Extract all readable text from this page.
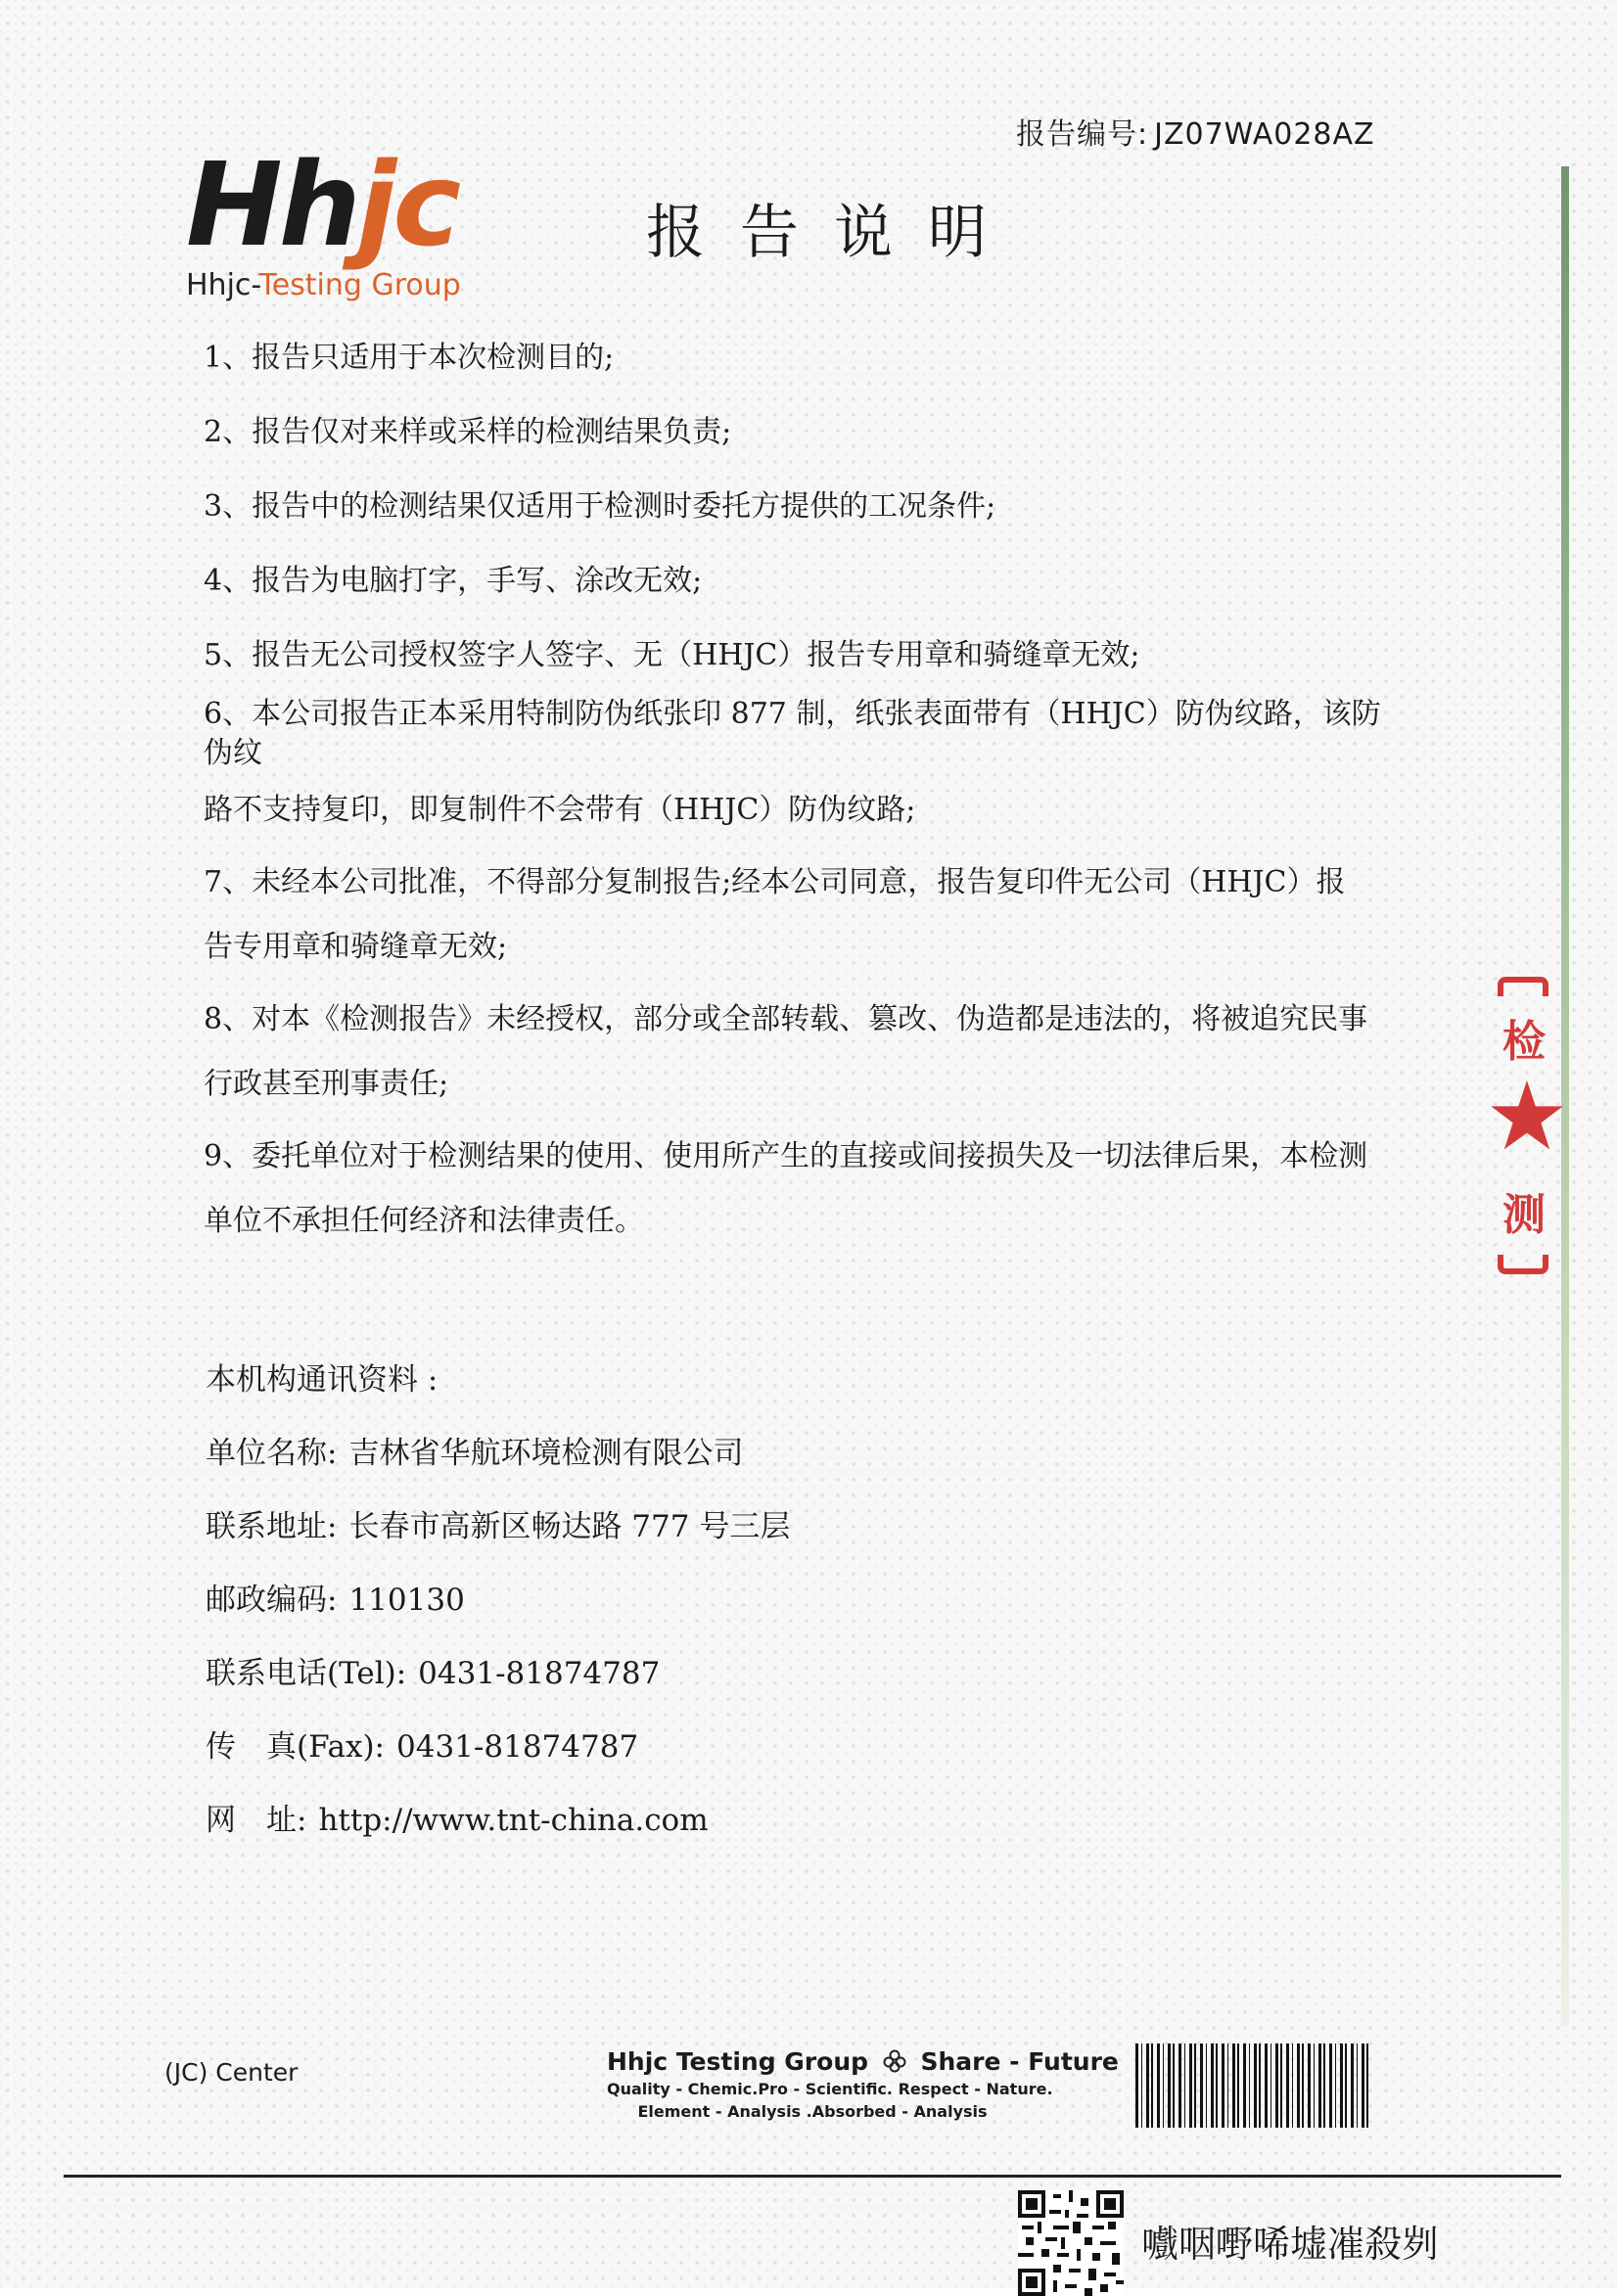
报告编号: JZ07WA028AZ
Hhjc
Hhjc-Testing Group
报告说明

1、报告只适用于本次检测目的;

2、报告仅对来样或采样的检测结果负责;

3、报告中的检测结果仅适用于检测时委托方提供的工况条件;

4、报告为电脑打字，手写、涂改无效;

5、报告无公司授权签字人签字、无（HHJC）报告专用章和骑缝章无效;

6、本公司报告正本采用特制防伪纸张印 877 制，纸张表面带有（HHJC）防伪纹路，该防伪纹
路不支持复印，即复制件不会带有（HHJC）防伪纹路;

7、未经本公司批准，不得部分复制报告;经本公司同意，报告复印件无公司（HHJC）报
告专用章和骑缝章无效;

8、对本《检测报告》未经授权，部分或全部转载、篡改、伪造都是违法的，将被追究民事
行政甚至刑事责任;

9、委托单位对于检测结果的使用、使用所产生的直接或间接损失及一切法律后果，本检测
单位不承担任何经济和法律责任。

本机构通讯资料 :
单位名称: 吉林省华航环境检测有限公司
联系地址: 长春市高新区畅达路 777 号三层
邮政编码: 110130
联系电话(Tel): 0431-81874787
传　真(Fax): 0431-81874787
网　址: http://www.tnt-china.com
检
测
(JC) Center	Hhjc Testing Group Share - Future
Quality - Chemic.Pro - Scientific. Respect - Nature.
Element - Analysis .Absorbed - Analysis
嚱咽嘢唏墟凗殺刿
